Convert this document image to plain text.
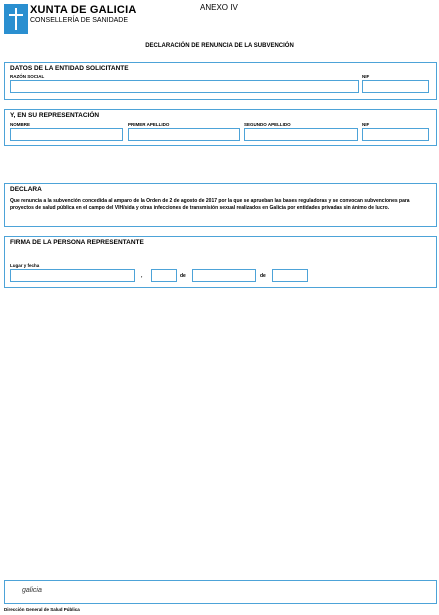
XUNTA DE GALICIA
CONSELLERÍA DE SANIDADE
ANEXO IV
DECLARACIÓN DE RENUNCIA DE LA SUBVENCIÓN
DATOS DE LA ENTIDAD SOLICITANTE
RAZÓN SOCIAL	NIF
Y, EN SU REPRESENTACIÓN
NOMBRE	PRIMER APELLIDO	SEGUNDO APELLIDO	NIF
DECLARA
Que renuncia a la subvención concedida al amparo de la Orden de 2 de agosto de 2017 por la que se aprueban las bases reguladoras y se convocan subvenciones para proyectos de salud pública en el campo del VIH/sida y otras infecciones de transmisión sexual realizados en Galicia por entidades privadas sin ánimo de lucro.
FIRMA DE LA PERSONA REPRESENTANTE
Lugar y fecha
,	de	de
galicia
Dirección General de Salud Pública
